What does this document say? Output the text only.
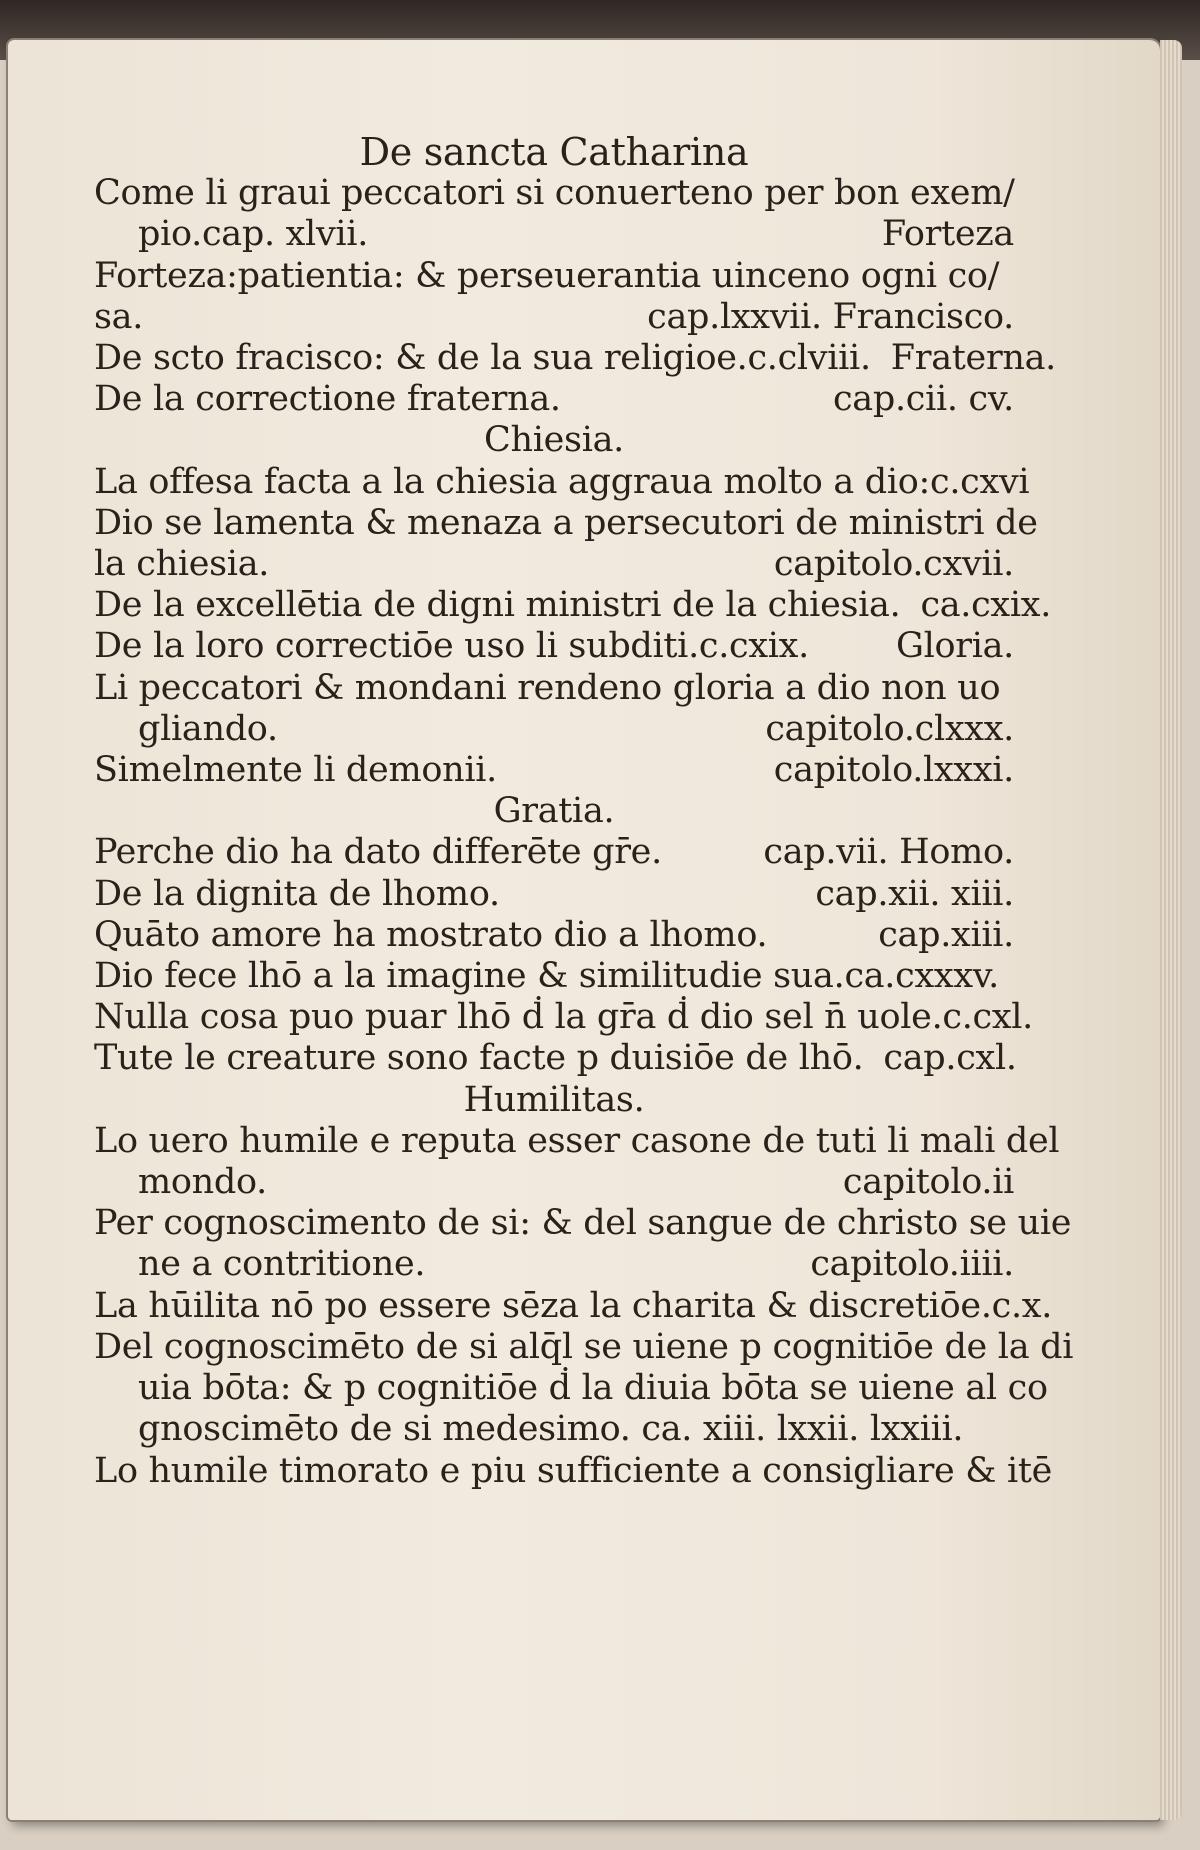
De sancta Catharina
Come li graui peccatori si conuerteno per bon exem/
pio.cap. xlvii.	Forteza
Forteza:patientia: & perseuerantia uinceno ogni co/
sa.	cap.lxxvii. Francisco.
De scto fracisco: & de la sua religioe.c.clviii. Fraterna.
De la correctione fraterna.	cap.cii. cv.
Chiesia.
La offesa facta a la chiesia aggraua molto a dio:c.cxvi
Dio se lamenta & menaza a persecutori de ministri de
la chiesia.	capitolo.cxvii.
De la excellētia de digni ministri de la chiesia. ca.cxix.
De la loro correctiōe uso li subditi.c.cxix.	Gloria.
Li peccatori & mondani rendeno gloria a dio non uo
gliando.	capitolo.clxxx.
Simelmente li demonii.	capitolo.lxxxi.
Gratia.
Perche dio ha dato differēte gr̄e.	cap.vii. Homo.
De la dignita de lhomo.	cap.xii. xiii.
Quāto amore ha mostrato dio a lhomo.	cap.xiii.
Dio fece lhō a la imagine & similitudie sua.ca.cxxxv.
Nulla cosa puo puar lhō ḋ la gr̄a ḋ dio sel n̄ uole.c.cxl.
Tute le creature sono facte p duisiōe de lhō. cap.cxl.
Humilitas.
Lo uero humile e reputa esser casone de tuti li mali del
mondo.	capitolo.ii
Per cognoscimento de si: & del sangue de christo se uie
ne a contritione.	capitolo.iiii.
La hūilita nō po essere sēza la charita & discretiōe.c.x.
Del cognoscimēto de si alq̄l se uiene p cognitiōe de la di
uia bōta: & p cognitiōe ḋ la diuia bōta se uiene al co
gnoscimēto de si medesimo. ca. xiii. lxxii. lxxiii.
Lo humile timorato e piu sufficiente a consigliare & itē
